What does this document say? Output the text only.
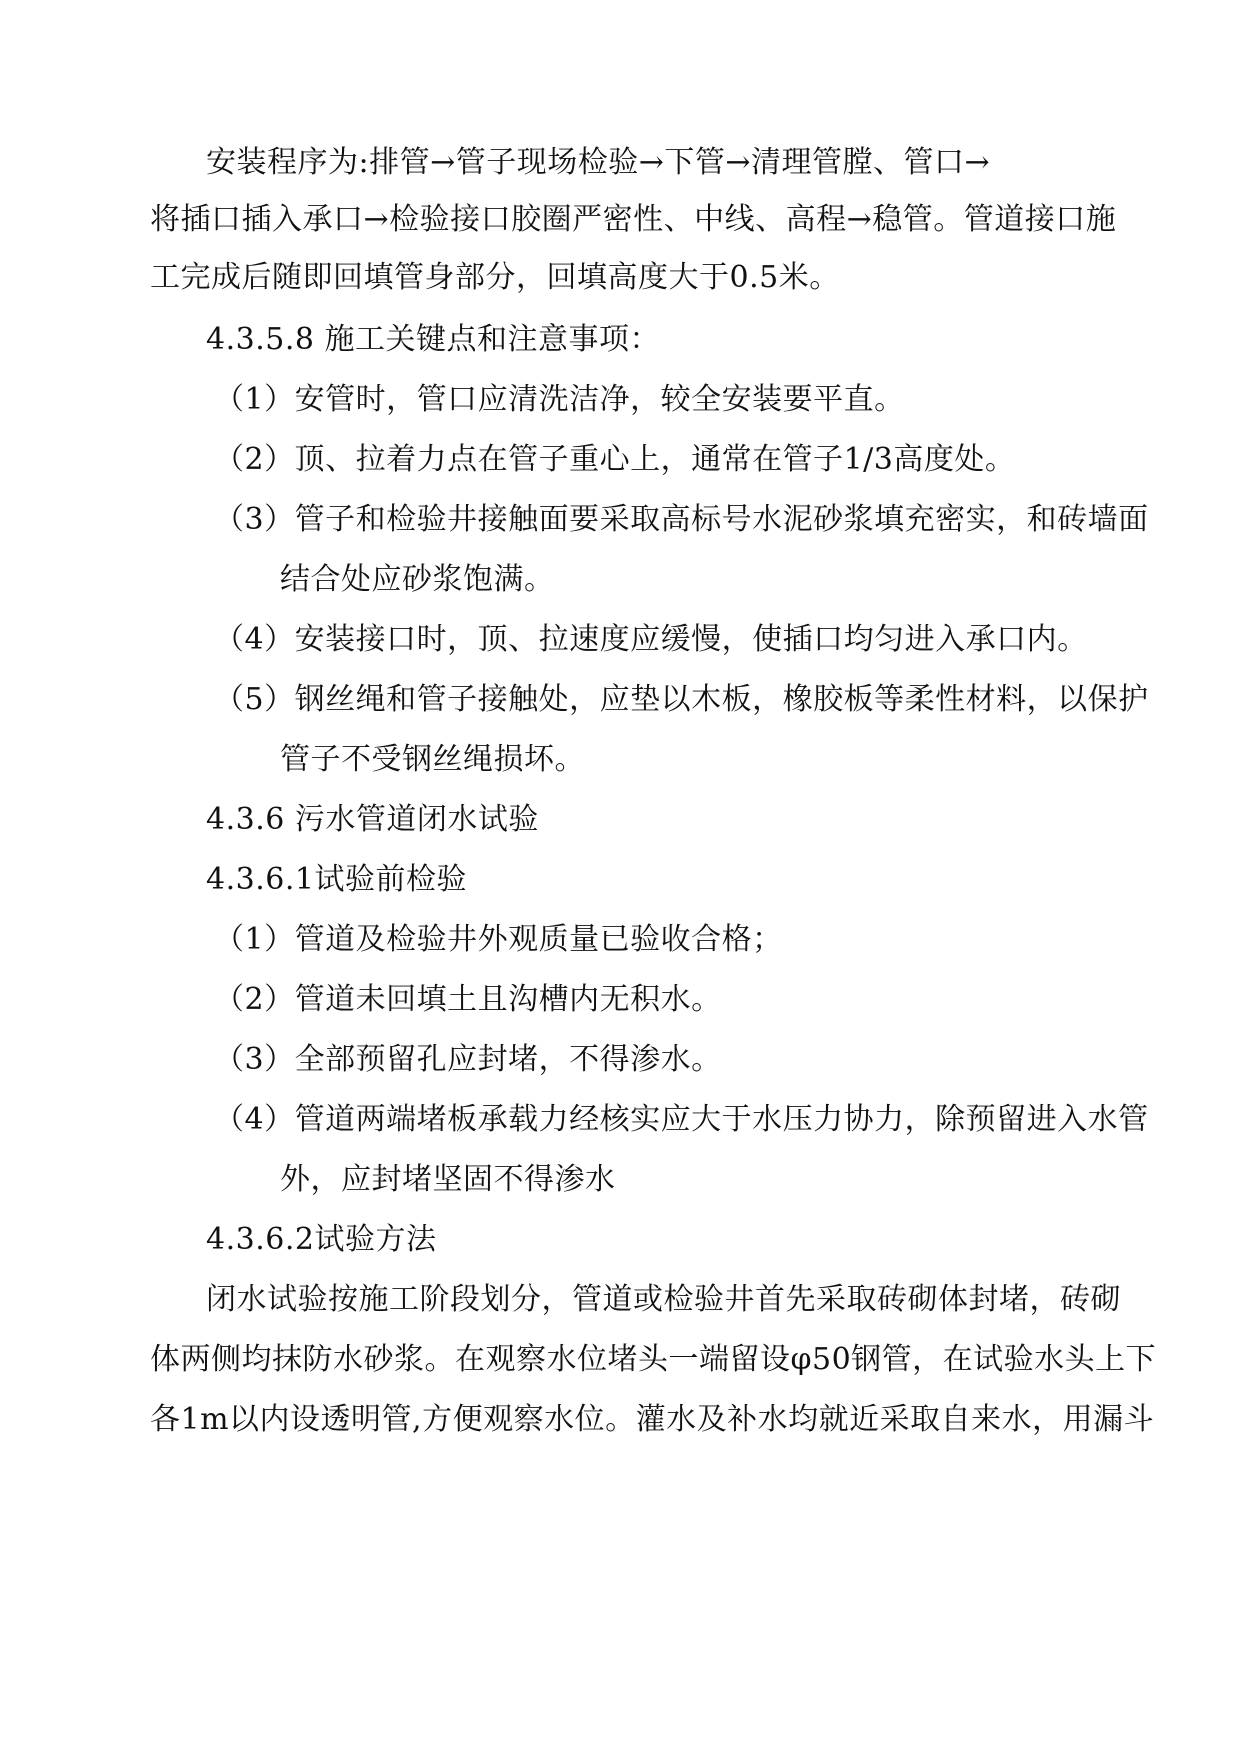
安装程序为:排管→管子现场检验→下管→清理管膛、管口→
将插口插入承口→检验接口胶圈严密性、中线、高程→稳管。管道接口施
工完成后随即回填管身部分，回填高度大于0.5米。
4.3.5.8 施工关键点和注意事项：
（1）安管时，管口应清洗洁净，较全安装要平直。
（2）顶、拉着力点在管子重心上，通常在管子1/3高度处。
（3）管子和检验井接触面要采取高标号水泥砂浆填充密实，和砖墙面
结合处应砂浆饱满。
（4）安装接口时，顶、拉速度应缓慢，使插口均匀进入承口内。
（5）钢丝绳和管子接触处，应垫以木板，橡胶板等柔性材料，以保护
管子不受钢丝绳损坏。
4.3.6 污水管道闭水试验
4.3.6.1试验前检验
（1）管道及检验井外观质量已验收合格；
（2）管道未回填土且沟槽内无积水。
（3）全部预留孔应封堵，不得渗水。
（4）管道两端堵板承载力经核实应大于水压力协力，除预留进入水管
外，应封堵坚固不得渗水
4.3.6.2试验方法
闭水试验按施工阶段划分，管道或检验井首先采取砖砌体封堵，砖砌
体两侧均抹防水砂浆。在观察水位堵头一端留设φ50钢管，在试验水头上下
各1m以内设透明管,方便观察水位。灌水及补水均就近采取自来水，用漏斗
